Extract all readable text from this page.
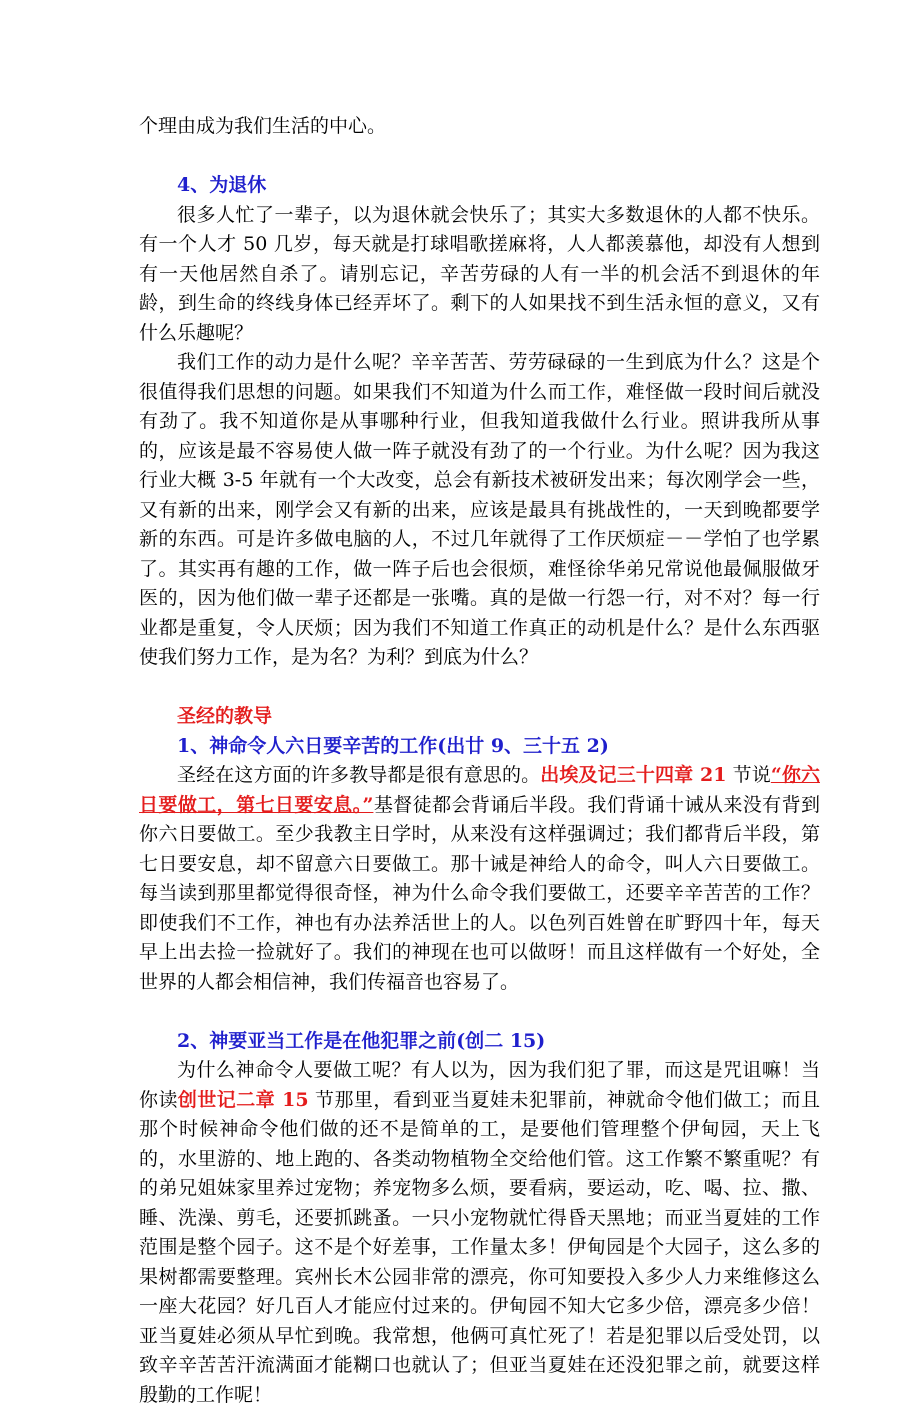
个理由成为我们生活的中心。

4、为退休

很多人忙了一辈子，以为退休就会快乐了；其实大多数退休的人都不快乐。有一个人才 50 几岁，每天就是打球唱歌搓麻将，人人都羡慕他，却没有人想到有一天他居然自杀了。请别忘记，辛苦劳碌的人有一半的机会活不到退休的年龄，到生命的终线身体已经弄坏了。剩下的人如果找不到生活永恒的意义，又有什么乐趣呢？

我们工作的动力是什么呢？辛辛苦苦、劳劳碌碌的一生到底为什么？这是个很值得我们思想的问题。如果我们不知道为什么而工作，难怪做一段时间后就没有劲了。我不知道你是从事哪种行业，但我知道我做什么行业。照讲我所从事的，应该是最不容易使人做一阵子就没有劲了的一个行业。为什么呢？因为我这行业大概 3-5 年就有一个大改变，总会有新技术被研发出来；每次刚学会一些，又有新的出来，刚学会又有新的出来，应该是最具有挑战性的，一天到晚都要学新的东西。可是许多做电脑的人，不过几年就得了工作厌烦症－－学怕了也学累了。其实再有趣的工作，做一阵子后也会很烦，难怪徐华弟兄常说他最佩服做牙医的，因为他们做一辈子还都是一张嘴。真的是做一行怨一行，对不对？每一行业都是重复，令人厌烦；因为我们不知道工作真正的动机是什么？是什么东西驱使我们努力工作，是为名？为利？到底为什么？

圣经的教导
1、神命令人六日要辛苦的工作(出廿 9、三十五 2)

圣经在这方面的许多教导都是很有意思的。出埃及记三十四章 21 节说“你六日要做工，第七日要安息。”基督徒都会背诵后半段。我们背诵十诫从来没有背到你六日要做工。至少我教主日学时，从来没有这样强调过；我们都背后半段，第七日要安息，却不留意六日要做工。那十诫是神给人的命令，叫人六日要做工。每当读到那里都觉得很奇怪，神为什么命令我们要做工，还要辛辛苦苦的工作？即使我们不工作，神也有办法养活世上的人。以色列百姓曾在旷野四十年，每天早上出去捡一捡就好了。我们的神现在也可以做呀！而且这样做有一个好处，全世界的人都会相信神，我们传福音也容易了。

2、神要亚当工作是在他犯罪之前(创二 15)

为什么神命令人要做工呢？有人以为，因为我们犯了罪，而这是咒诅嘛！当你读创世记二章 15 节那里，看到亚当夏娃未犯罪前，神就命令他们做工；而且那个时候神命令他们做的还不是简单的工，是要他们管理整个伊甸园，天上飞的，水里游的、地上跑的、各类动物植物全交给他们管。这工作繁不繁重呢？有的弟兄姐妹家里养过宠物；养宠物多么烦，要看病，要运动，吃、喝、拉、撒、睡、洗澡、剪毛，还要抓跳蚤。一只小宠物就忙得昏天黑地；而亚当夏娃的工作范围是整个园子。这不是个好差事，工作量太多！伊甸园是个大园子，这么多的果树都需要整理。宾州长木公园非常的漂亮，你可知要投入多少人力来维修这么一座大花园？好几百人才能应付过来的。伊甸园不知大它多少倍，漂亮多少倍！亚当夏娃必须从早忙到晚。我常想，他俩可真忙死了！若是犯罪以后受处罚，以致辛辛苦苦汗流满面才能糊口也就认了；但亚当夏娃在还没犯罪之前，就要这样殷勤的工作呢！
